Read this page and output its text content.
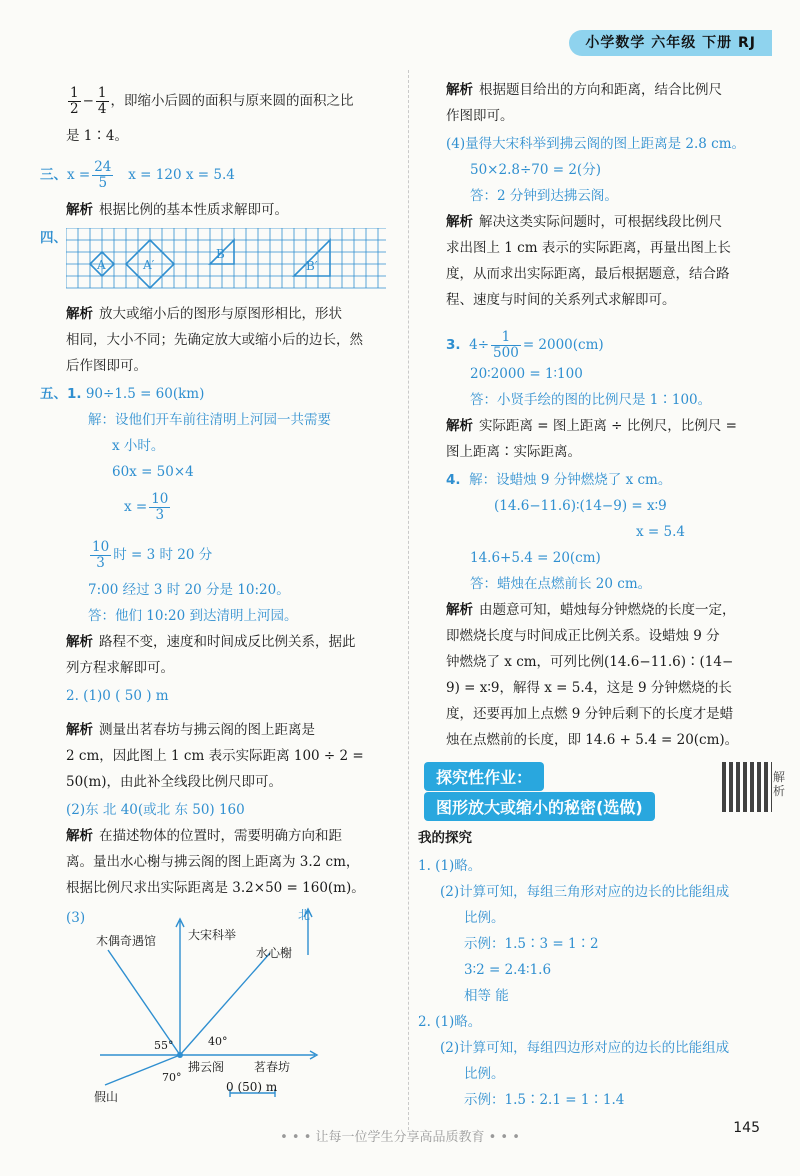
小学数学 六年级 下册 RJ
$\frac{1}{2} - \frac{1}{4}$ ，即缩小后圆的面积与原来圆的面积之比
是 1∶4。
三、$x = \frac{24}{5}$ x = 120 x = 5.4
解析 根据比例的基本性质求解即可。
四、
A	A′
B
B′
解析 放大或缩小后的图形与原图形相比，形状
相同，大小不同；先确定放大或缩小后的边长，然
后作图即可。
五、1. 90÷1.5 = 60(km)
解：设他们开车前往清明上河园一共需要
x 小时。
60x = 50×4
$x = \frac{10}{3}$
$\frac{10}{3}$ 时 = 3 时 20 分
7:00 经过 3 时 20 分是 10:20。
答：他们 10:20 到达清明上河园。
解析 路程不变，速度和时间成反比例关系，据此
列方程求解即可。
2. (1)0 ( 50 ) m
解析 测量出茗春坊与拂云阁的图上距离是
2 cm，因此图上 1 cm 表示实际距离 100 ÷ 2 =
50(m)，由此补全线段比例尺即可。
(2)东 北 40(或北 东 50) 160
解析 在描述物体的位置时，需要明确方向和距
离。量出水心榭与拂云阁的图上距离为 3.2 cm，
根据比例尺求出实际距离是 3.2×50 = 160(m)。
(3)	北
木偶奇遇馆	大宋科举
水心榭
拂云阁 茗春坊
假山
55°	40°
70°
0 (50) m
解析 根据题目给出的方向和距离，结合比例尺
作图即可。
(4)量得大宋科举到拂云阁的图上距离是 2.8 cm。
50×2.8÷70 = 2(分)
答：2 分钟到达拂云阁。
解析 解决这类实际问题时，可根据线段比例尺
求出图上 1 cm 表示的实际距离，再量出图上长
度，从而求出实际距离，最后根据题意，结合路
程、速度与时间的关系列式求解即可。
3. $4\div \frac{1}{500} = 2000(cm)$
20∶2000 = 1∶100
答：小贤手绘的图的比例尺是 1∶100。
解析 实际距离 = 图上距离 ÷ 比例尺，比例尺 =
图上距离∶实际距离。
4. 解：设蜡烛 9 分钟燃烧了 x cm。
(14.6−11.6)∶(14−9) = x∶9
x = 5.4
14.6+5.4 = 20(cm)
答：蜡烛在点燃前长 20 cm。
解析 由题意可知，蜡烛每分钟燃烧的长度一定，
即燃烧长度与时间成正比例关系。设蜡烛 9 分
钟燃烧了 x cm，可列比例(14.6−11.6)∶(14−
9) = x∶9，解得 x = 5.4，这是 9 分钟燃烧的长
度，还要再加上点燃 9 分钟后剩下的长度才是蜡
烛在点燃前的长度，即 14.6 + 5.4 = 20(cm)。
探究性作业：
图形放大或缩小的秘密(选做)
解析
我的探究
1. (1)略。
(2)计算可知，每组三角形对应的边长的比能组成
比例。
示例：1.5∶3 = 1∶2
3∶2 = 2.4∶1.6
相等 能
2. (1)略。
(2)计算可知，每组四边形对应的边长的比能组成
比例。
示例：1.5∶2.1 = 1∶1.4
• • • 让每一位学生分享高品质教育 • • •
145
